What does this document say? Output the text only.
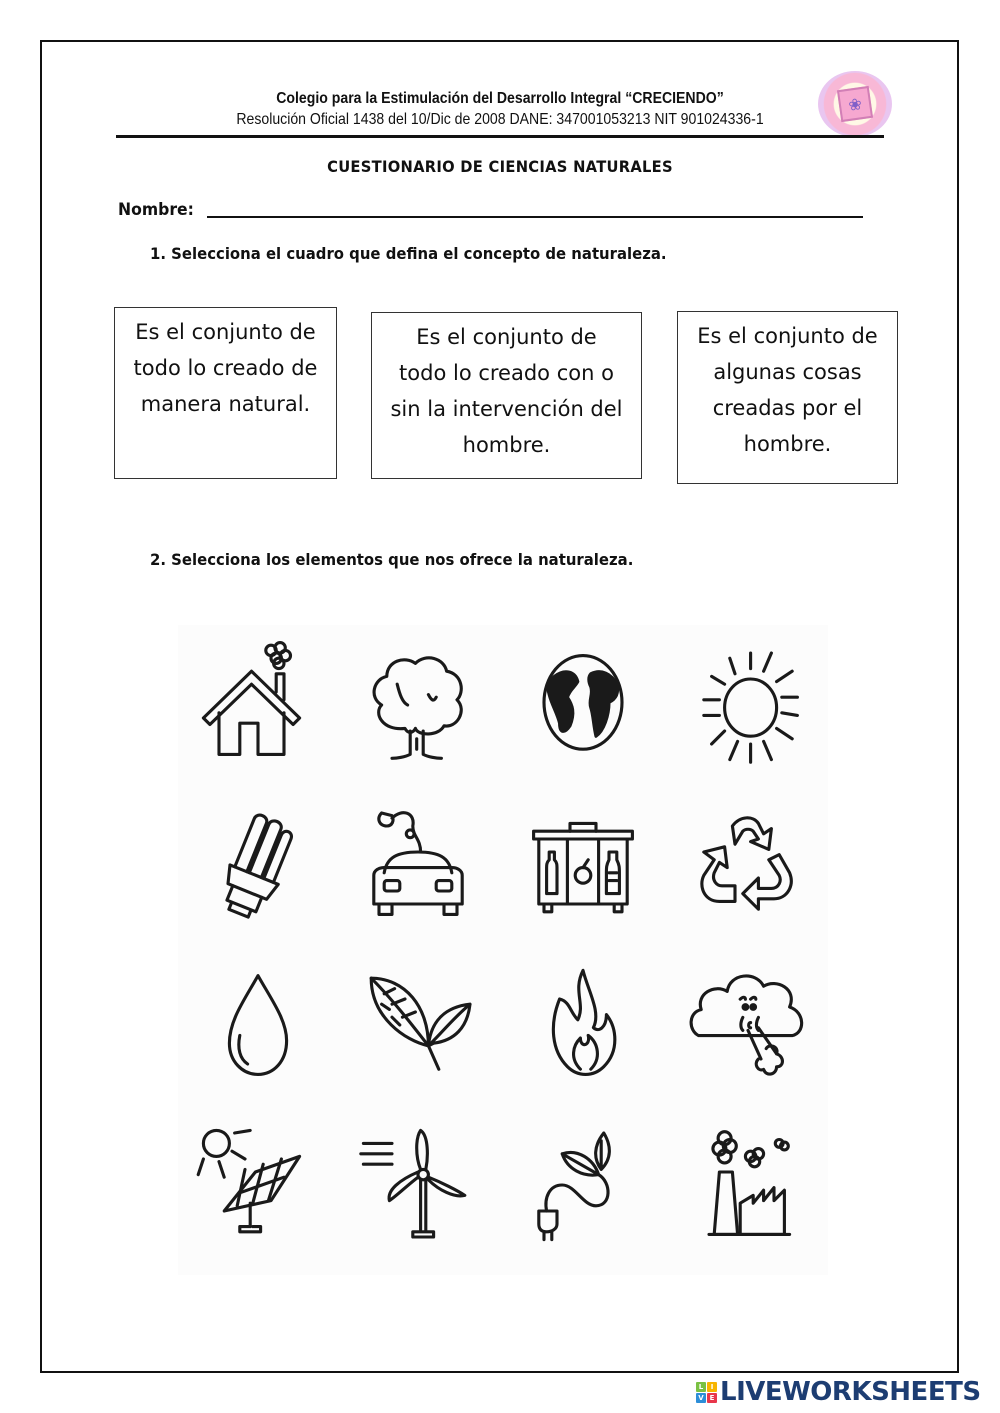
Colegio para la Estimulación del Desarrollo Integral “CRECIENDO”
Resolución Oficial 1438 del 10/Dic de 2008 DANE: 347001053213 NIT 901024336-1
❀
CUESTIONARIO DE CIENCIAS NATURALES
Nombre:
1. Selecciona el cuadro que defina el concepto de naturaleza.
Es el conjunto de
todo lo creado de
manera natural.
Es el conjunto de
todo lo creado con o
sin la intervención del
hombre.
Es el conjunto de
algunas cosas
creadas por el
hombre.
2. Selecciona los elementos que nos ofrece la naturaleza.
L	I
V E LIVEWORKSHEETS
